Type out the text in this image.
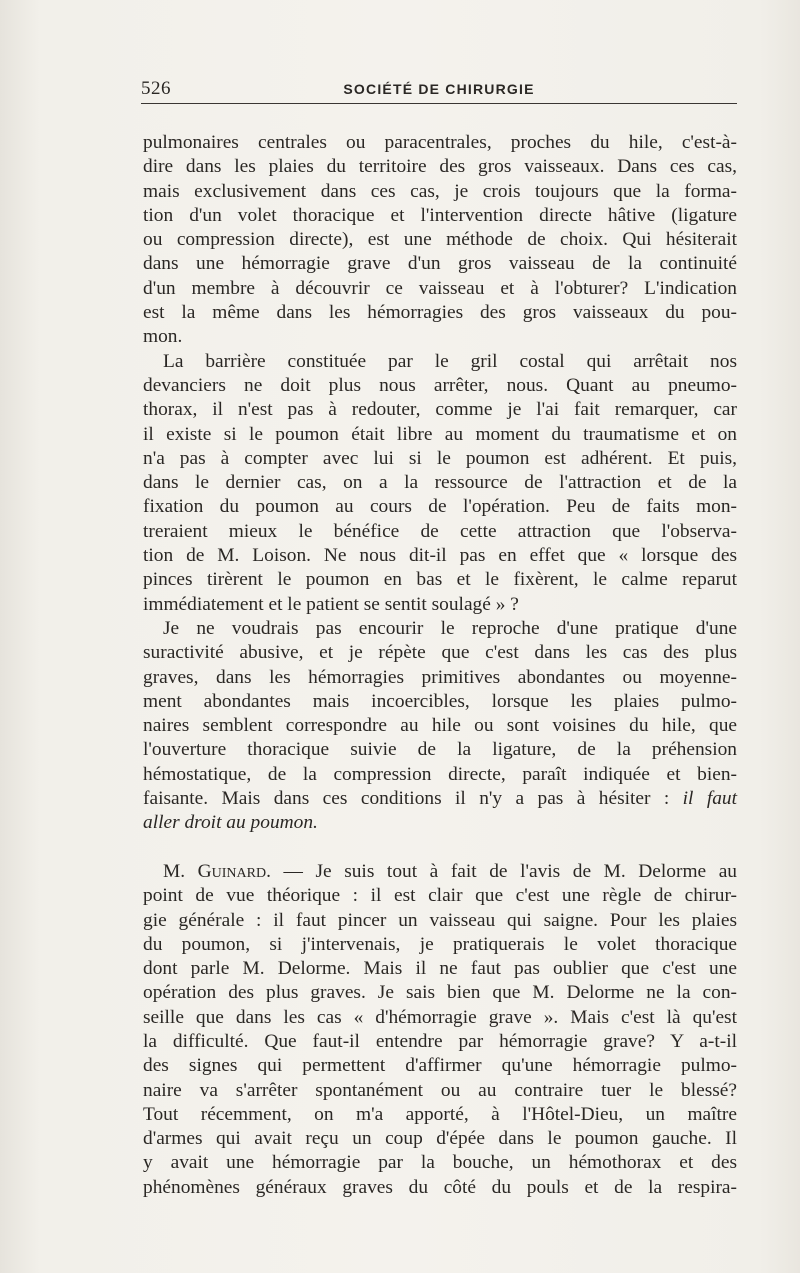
526	SOCIÉTÉ DE CHIRURGIE
pulmonaires centrales ou paracentrales, proches du hile, c'est-à-
dire dans les plaies du territoire des gros vaisseaux. Dans ces cas,
mais exclusivement dans ces cas, je crois toujours que la forma-
tion d'un volet thoracique et l'intervention directe hâtive (ligature
ou compression directe), est une méthode de choix. Qui hésiterait
dans une hémorragie grave d'un gros vaisseau de la continuité
d'un membre à découvrir ce vaisseau et à l'obturer? L'indication
est la même dans les hémorragies des gros vaisseaux du pou-
mon.
La barrière constituée par le gril costal qui arrêtait nos
devanciers ne doit plus nous arrêter, nous. Quant au pneumo-
thorax, il n'est pas à redouter, comme je l'ai fait remarquer, car
il existe si le poumon était libre au moment du traumatisme et on
n'a pas à compter avec lui si le poumon est adhérent. Et puis,
dans le dernier cas, on a la ressource de l'attraction et de la
fixation du poumon au cours de l'opération. Peu de faits mon-
treraient mieux le bénéfice de cette attraction que l'observa-
tion de M. Loison. Ne nous dit-il pas en effet que « lorsque des
pinces tirèrent le poumon en bas et le fixèrent, le calme reparut
immédiatement et le patient se sentit soulagé » ?
Je ne voudrais pas encourir le reproche d'une pratique d'une
suractivité abusive, et je répète que c'est dans les cas des plus
graves, dans les hémorragies primitives abondantes ou moyenne-
ment abondantes mais incoercibles, lorsque les plaies pulmo-
naires semblent correspondre au hile ou sont voisines du hile, que
l'ouverture thoracique suivie de la ligature, de la préhension
hémostatique, de la compression directe, paraît indiquée et bien-
faisante. Mais dans ces conditions il n'y a pas à hésiter : il faut
aller droit au poumon.
M. Guinard. — Je suis tout à fait de l'avis de M. Delorme au
point de vue théorique : il est clair que c'est une règle de chirur-
gie générale : il faut pincer un vaisseau qui saigne. Pour les plaies
du poumon, si j'intervenais, je pratiquerais le volet thoracique
dont parle M. Delorme. Mais il ne faut pas oublier que c'est une
opération des plus graves. Je sais bien que M. Delorme ne la con-
seille que dans les cas « d'hémorragie grave ». Mais c'est là qu'est
la difficulté. Que faut-il entendre par hémorragie grave? Y a-t-il
des signes qui permettent d'affirmer qu'une hémorragie pulmo-
naire va s'arrêter spontanément ou au contraire tuer le blessé?
Tout récemment, on m'a apporté, à l'Hôtel-Dieu, un maître
d'armes qui avait reçu un coup d'épée dans le poumon gauche. Il
y avait une hémorragie par la bouche, un hémothorax et des
phénomènes généraux graves du côté du pouls et de la respira-
